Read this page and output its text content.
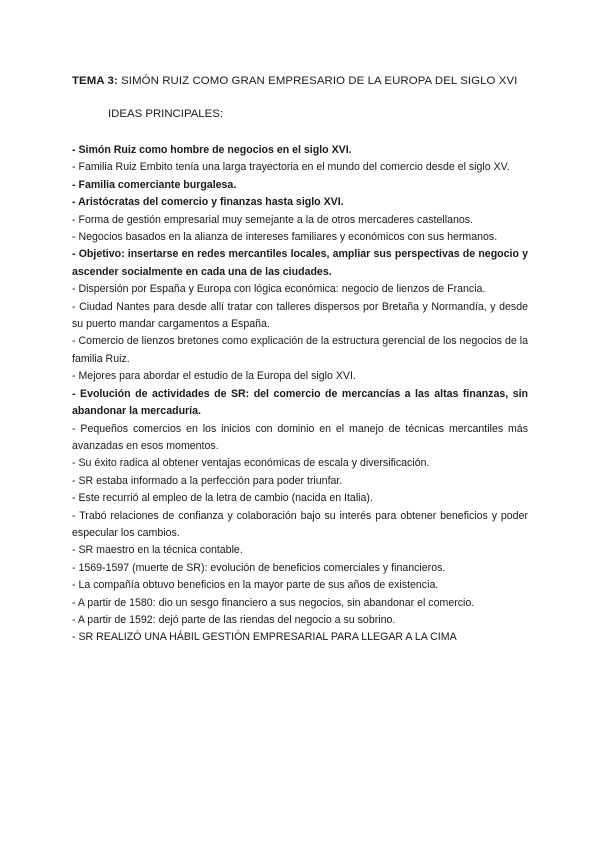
TEMA 3: SIMÓN RUIZ COMO GRAN EMPRESARIO DE LA EUROPA DEL SIGLO XVI

IDEAS PRINCIPALES:

- Simón Ruiz como hombre de negocios en el siglo XVI.

- Familia Ruiz Embito tenía una larga trayectoria en el mundo del comercio desde el siglo XV.

- Familia comerciante burgalesa.

- Aristócratas del comercio y finanzas hasta siglo XVI.

- Forma de gestión empresarial muy semejante a la de otros mercaderes castellanos.

- Negocios basados en la alianza de intereses familiares y económicos con sus hermanos.

- Objetivo: insertarse en redes mercantiles locales, ampliar sus perspectivas de negocio y ascender socialmente en cada una de las ciudades.

- Dispersión por España y Europa con lógica económica: negocio de lienzos de Francia.

- Ciudad Nantes para desde allí tratar con talleres dispersos por Bretaña y Normandía, y desde su puerto mandar cargamentos a España.

- Comercio de lienzos bretones como explicación de la estructura gerencial de los negocios de la familia Ruiz.

- Mejores para abordar el estudio de la Europa del siglo XVI.

- Evolución de actividades de SR: del comercio de mercancías a las altas finanzas, sin abandonar la mercaduría.

- Pequeños comercios en los inicios con dominio en el manejo de técnicas mercantiles más avanzadas en esos momentos.

- Su éxito radica al obtener ventajas económicas de escala y diversificación.

- SR estaba informado a la perfección para poder triunfar.

- Este recurrió al empleo de la letra de cambio (nacida en Italia).

- Trabó relaciones de confianza y colaboración bajo su interés para obtener beneficios y poder especular los cambios.

- SR maestro en la técnica contable.

- 1569-1597 (muerte de SR): evolución de beneficios comerciales y financieros.

- La compañía obtuvo beneficios en la mayor parte de sus años de existencia.

- A partir de 1580: dio un sesgo financiero a sus negocios, sin abandonar el comercio.

- A partir de 1592: dejó parte de las riendas del negocio a su sobrino.

- SR REALIZÓ UNA HÁBIL GESTIÓN EMPRESARIAL PARA LLEGAR A LA CIMA
